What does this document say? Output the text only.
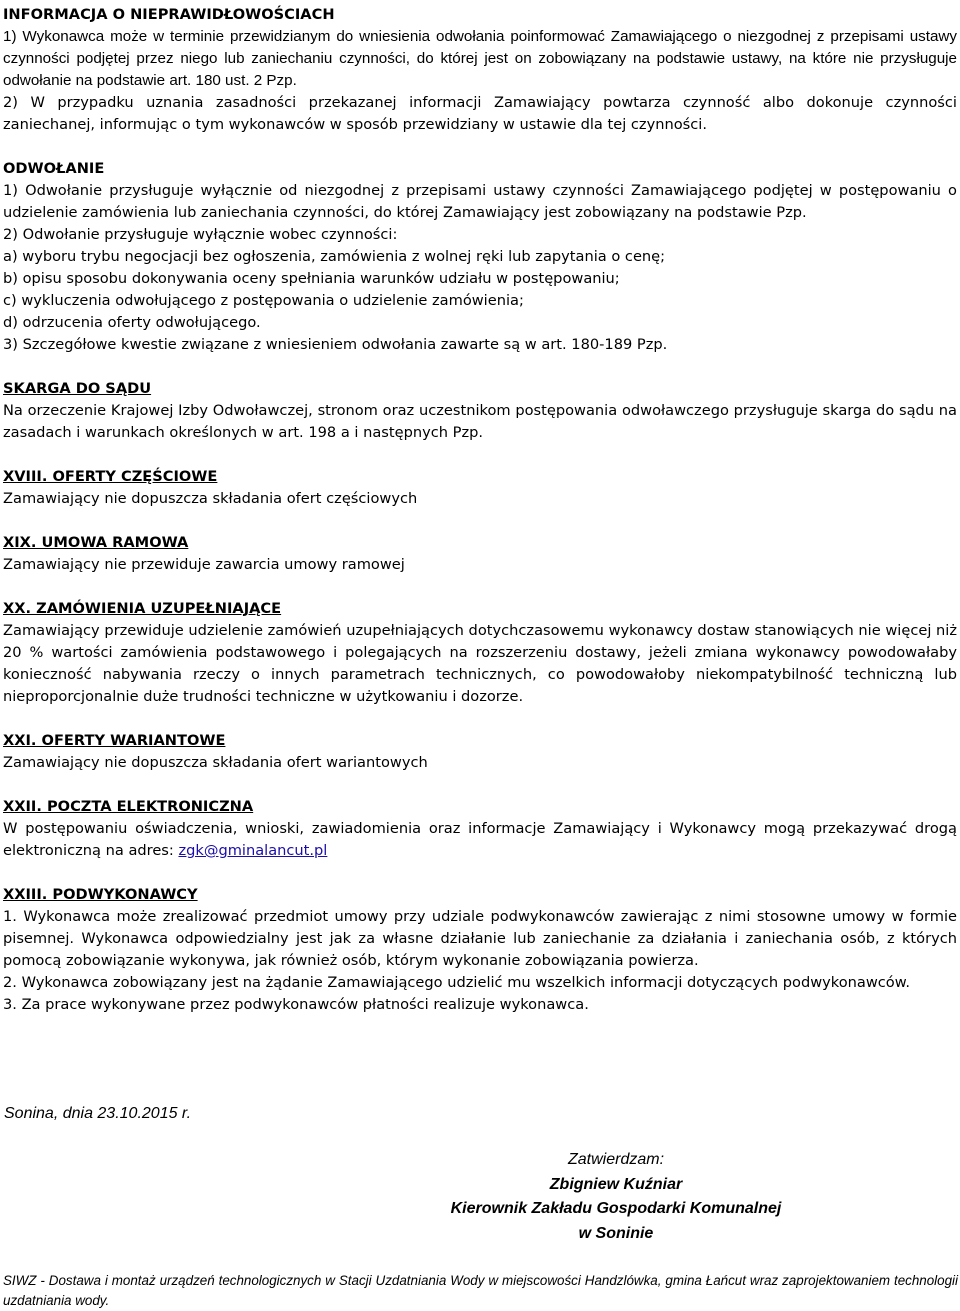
INFORMACJA O NIEPRAWIDŁOWOŚCIACH

1) Wykonawca może w terminie przewidzianym do wniesienia odwołania poinformować Zamawiającego o niezgodnej z przepisami ustawy czynności podjętej przez niego lub zaniechaniu czynności, do której jest on zobowiązany na podstawie ustawy, na które nie przysługuje odwołanie na podstawie art. 180 ust. 2 Pzp.

2) W przypadku uznania zasadności przekazanej informacji Zamawiający powtarza czynność albo dokonuje czynności zaniechanej, informując o tym wykonawców w sposób przewidziany w ustawie dla tej czynności.

ODWOŁANIE

1) Odwołanie przysługuje wyłącznie od niezgodnej z przepisami ustawy czynności Zamawiającego podjętej w postępowaniu o udzielenie zamówienia lub zaniechania czynności, do której Zamawiający jest zobowiązany na podstawie Pzp.

2) Odwołanie przysługuje wyłącznie wobec czynności:

a) wyboru trybu negocjacji bez ogłoszenia, zamówienia z wolnej ręki lub zapytania o cenę;

b) opisu sposobu dokonywania oceny spełniania warunków udziału w postępowaniu;

c) wykluczenia odwołującego z postępowania o udzielenie zamówienia;

d) odrzucenia oferty odwołującego.

3) Szczegółowe kwestie związane z wniesieniem odwołania zawarte są w art. 180-189 Pzp.

SKARGA DO SĄDU

Na orzeczenie Krajowej Izby Odwoławczej, stronom oraz uczestnikom postępowania odwoławczego przysługuje skarga do sądu na zasadach i warunkach określonych w art. 198 a i następnych Pzp.

XVIII. OFERTY CZĘŚCIOWE

Zamawiający nie dopuszcza składania ofert częściowych

XIX. UMOWA RAMOWA

Zamawiający nie przewiduje zawarcia umowy ramowej

XX. ZAMÓWIENIA UZUPEŁNIAJĄCE

Zamawiający przewiduje udzielenie zamówień uzupełniających dotychczasowemu wykonawcy dostaw stanowiących nie więcej niż 20 % wartości zamówienia podstawowego i polegających na rozszerzeniu dostawy, jeżeli zmiana wykonawcy powodowałaby konieczność nabywania rzeczy o innych parametrach technicznych, co powodowałoby niekompatybilność techniczną lub nieproporcjonalnie duże trudności techniczne w użytkowaniu i dozorze.

XXI. OFERTY WARIANTOWE

Zamawiający nie dopuszcza składania ofert wariantowych

XXII. POCZTA ELEKTRONICZNA

W postępowaniu oświadczenia, wnioski, zawiadomienia oraz informacje Zamawiający i Wykonawcy mogą przekazywać drogą elektroniczną na adres: zgk@gminalancut.pl

XXIII. PODWYKONAWCY

1. Wykonawca może zrealizować przedmiot umowy przy udziale podwykonawców zawierając z nimi stosowne umowy w formie pisemnej. Wykonawca odpowiedzialny jest jak za własne działanie lub zaniechanie za działania i zaniechania osób, z których pomocą zobowiązanie wykonywa, jak również osób, którym wykonanie zobowiązania powierza.

2. Wykonawca zobowiązany jest na żądanie Zamawiającego udzielić mu wszelkich informacji dotyczących podwykonawców.

3. Za prace wykonywane przez podwykonawców płatności realizuje wykonawca.

Sonina, dnia 23.10.2015 r.
Zatwierdzam:
Zbigniew Kuźniar
Kierownik Zakładu Gospodarki Komunalnej
w Soninie
SIWZ - Dostawa i montaż urządzeń technologicznych w Stacji Uzdatniania Wody w miejscowości Handzlówka, gmina Łańcut wraz zaprojektowaniem technologii uzdatniania wody.
